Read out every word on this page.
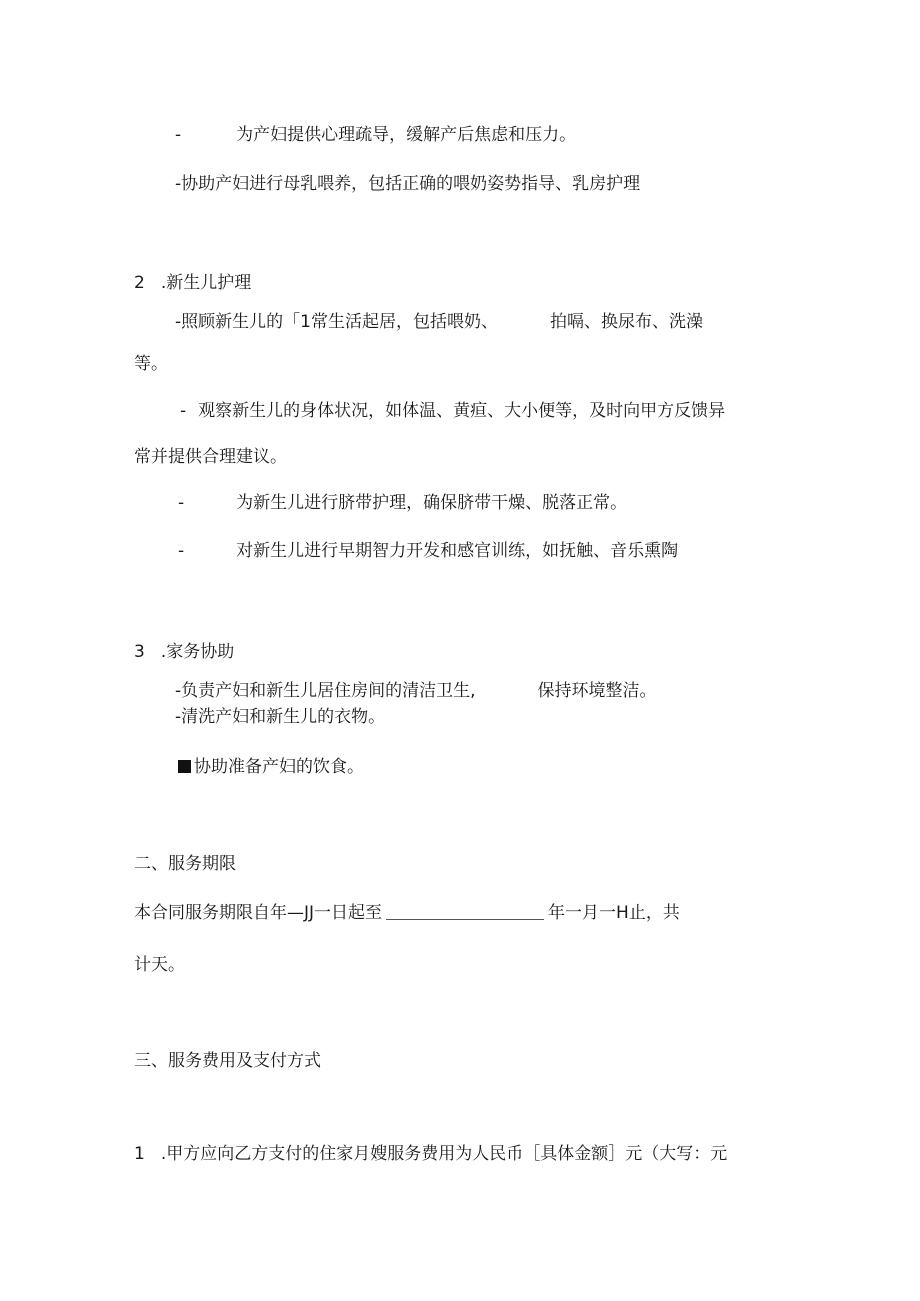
-	为产妇提供心理疏导，缓解产后焦虑和压力。
-协助产妇进行母乳喂养，包括正确的喂奶姿势指导、乳房护理
2 .新生儿护理
-照顾新生儿的「1常生活起居，包括喂奶、	拍嗝、换尿布、洗澡
等。
- 观察新生儿的身体状况，如体温、黄疸、大小便等，及时向甲方反馈异
常并提供合理建议。
-	为新生儿进行脐带护理，确保脐带干燥、脱落正常。
-	对新生儿进行早期智力开发和感官训练，如抚触、音乐熏陶
3 .家务协助
-负责产妇和新生儿居住房间的清洁卫生,	保持环境整洁。
-清洗产妇和新生儿的衣物。
协助准备产妇的饮食。
二、服务期限
本合同服务期限自年—JJ一日起至	年一月一H止，共
计天。
三、服务费用及支付方式
1 .甲方应向乙方支付的住家月嫂服务费用为人民币［具体金额］元（大写：元
